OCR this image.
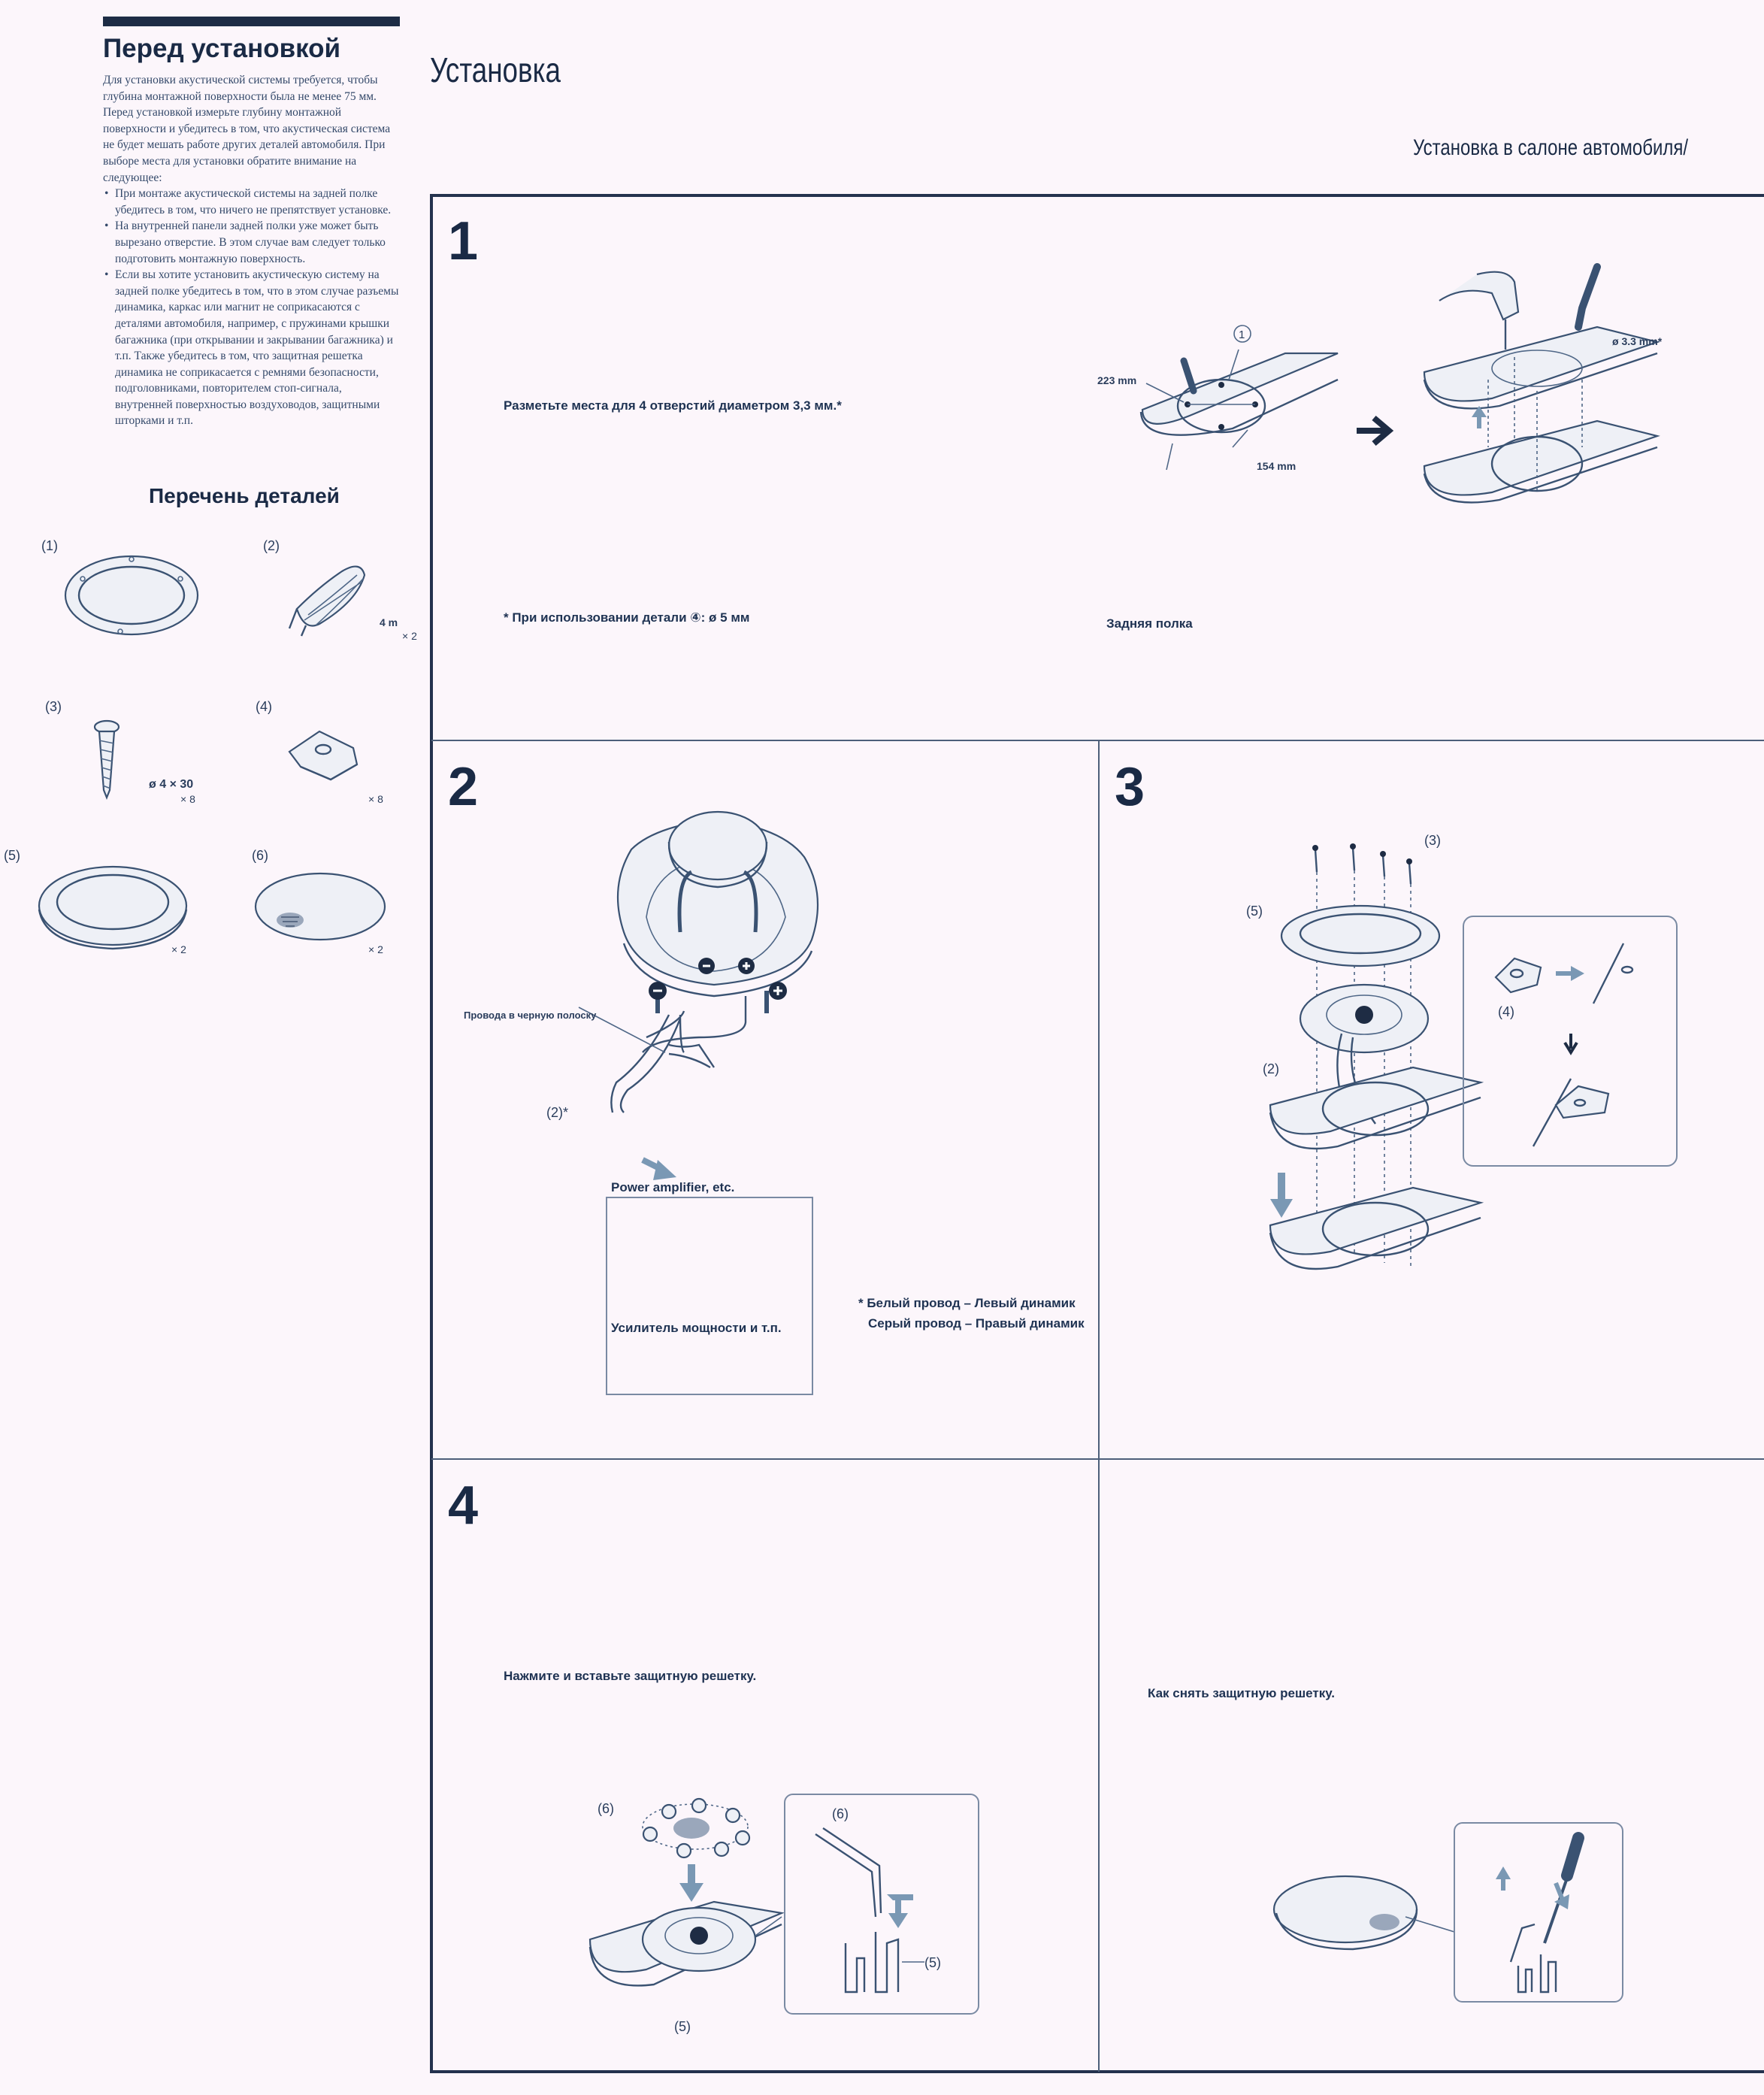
Перед установкой

Для установки акустической системы требуется, чтобы глубина монтажной поверхности была не менее 75 мм. Перед установкой измерьте глубину монтажной поверхности и убедитесь в том, что акустическая система не будет мешать работе других деталей автомобиля. При выборе места для установки обратите внимание на следующее:

• При монтаже акустической системы на задней полке убедитесь в том, что ничего не препятствует установке.
• На внутренней панели задней полки уже может быть вырезано отверстие. В этом случае вам следует только подготовить монтажную поверхность.
• Если вы хотите установить акустическую систему на задней полке убедитесь в том, что в этом случае разъемы динамика, каркас или магнит не соприкасаются с деталями автомобиля, например, с пружинами крышки багажника (при открывании и закрывании багажника) и т.п. Также убедитесь в том, что защитная решетка динамика не соприкасается с ремнями безопасности, подголовниками, повторителем стоп-сигнала, внутренней поверхностью воздуховодов, защитными шторками и т.п.
Перечень деталей
(1)	(2)
4 m
× 2
(3)
ø 4 × 30
× 8
(4)
× 8
(5)
× 2
(6)
× 2
Установка
Установка в салоне автомобиля/
1
Разметьте места для 4 отверстий диаметром 3,3 мм.*
* При использовании детали ④: ø 5 мм	Задняя полка
1
223 mm
154 mm
ø 3.3 mm*
2
Провода в черную полоску
(2)*
Power amplifier, etc.
Усилитель мощности и т.п.
* Белый провод – Левый динамик
Серый провод – Правый динамик
3
(3)
(5)
(2)
(4)
4
Нажмите и вставьте защитную решетку.
(6)
(5)
(6)
(5)
Как снять защитную решетку.
